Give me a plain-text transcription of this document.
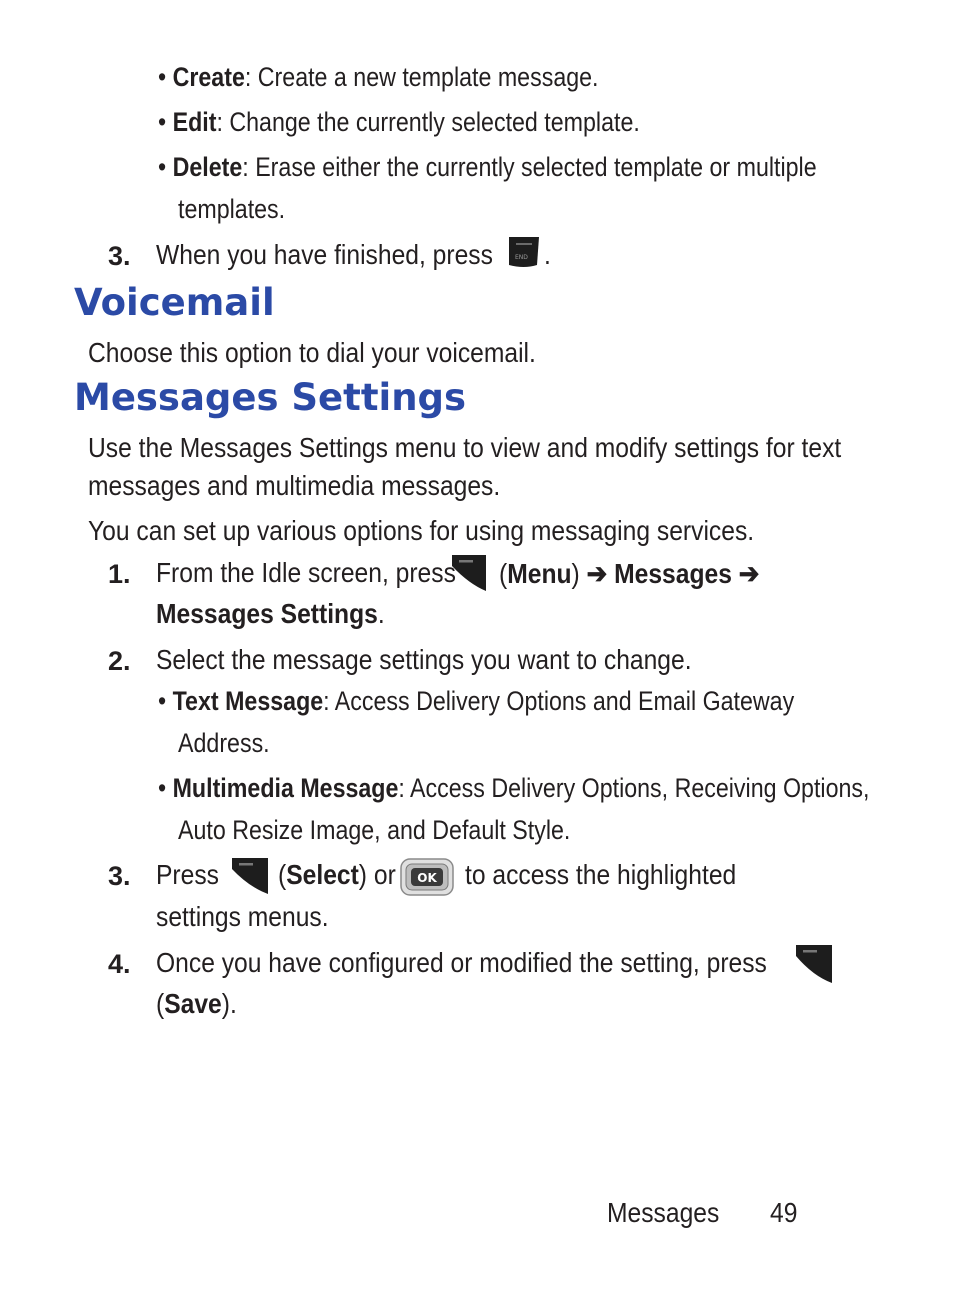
• Create: Create a new template message.
• Edit: Change the currently selected template.
• Delete: Erase either the currently selected template or multiple
templates.
3. When you have finished, press	END .
Voicemail
Choose this option to dial your voicemail.
Messages Settings
Use the Messages Settings menu to view and modify settings for text
messages and multimedia messages.
You can set up various options for using messaging services.
1. From the Idle screen, press (Menu) ➔ Messages ➔
Messages Settings.
2. Select the message settings you want to change.
• Text Message: Access Delivery Options and Email Gateway
Address.
• Multimedia Message: Access Delivery Options, Receiving Options,
Auto Resize Image, and Default Style.
3. Press (Select) or OK to access the highlighted
settings menus.
4. Once you have configured or modified the setting, press
(Save).
Messages 49
